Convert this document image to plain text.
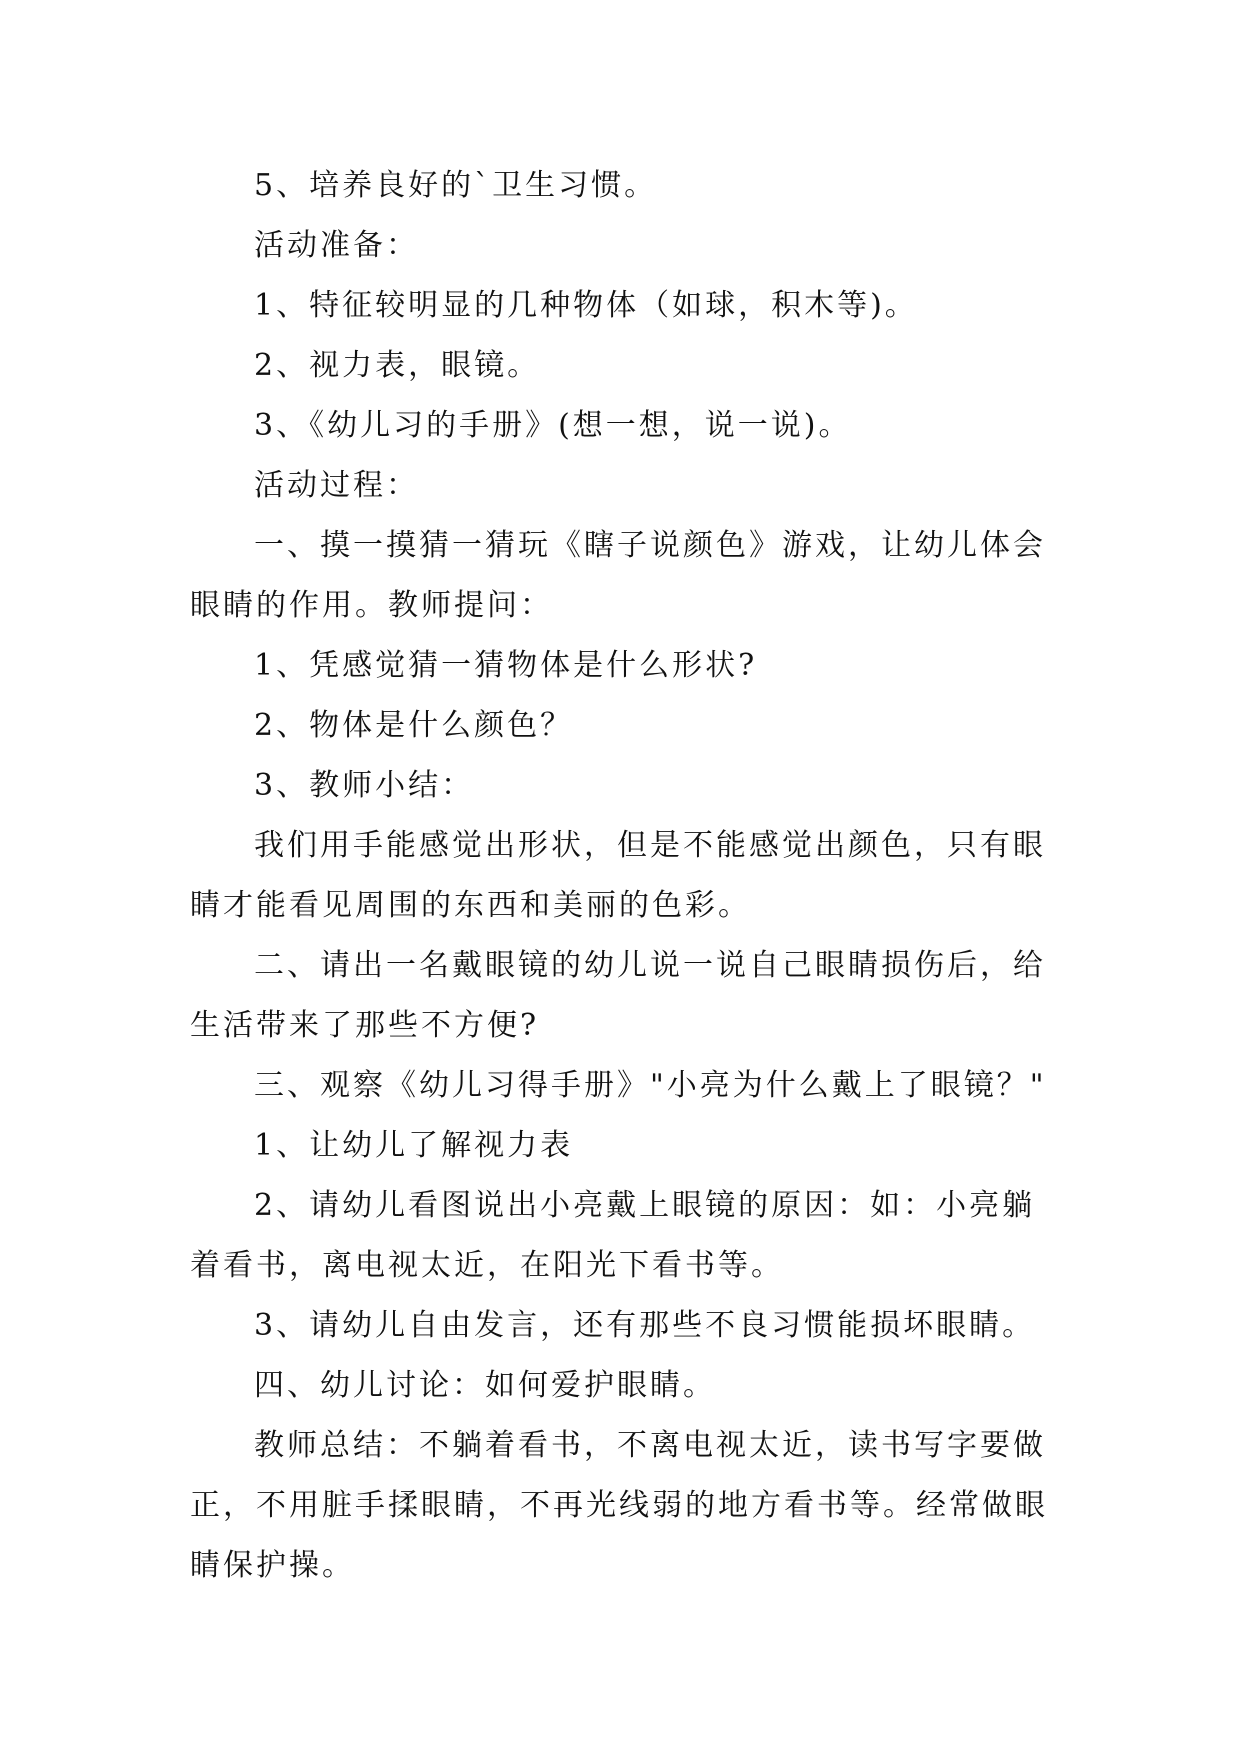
5、培养良好的`卫生习惯。

活动准备：

1、特征较明显的几种物体（如球，积木等)。

2、视力表，眼镜。

3、《幼儿习的手册》(想一想，说一说)。

活动过程：

一、摸一摸猜一猜玩《瞎子说颜色》游戏，让幼儿体会眼睛的作用。教师提问：

1、凭感觉猜一猜物体是什么形状?

2、物体是什么颜色？

3、教师小结：

我们用手能感觉出形状，但是不能感觉出颜色，只有眼睛才能看见周围的东西和美丽的色彩。

二、请出一名戴眼镜的幼儿说一说自己眼睛损伤后，给生活带来了那些不方便?

三、观察《幼儿习得手册》"小亮为什么戴上了眼镜？"

1、让幼儿了解视力表

2、请幼儿看图说出小亮戴上眼镜的原因：如：小亮躺着看书，离电视太近，在阳光下看书等。

3、请幼儿自由发言，还有那些不良习惯能损坏眼睛。

四、幼儿讨论：如何爱护眼睛。

教师总结：不躺着看书，不离电视太近，读书写字要做正，不用脏手揉眼睛，不再光线弱的地方看书等。经常做眼睛保护操。
